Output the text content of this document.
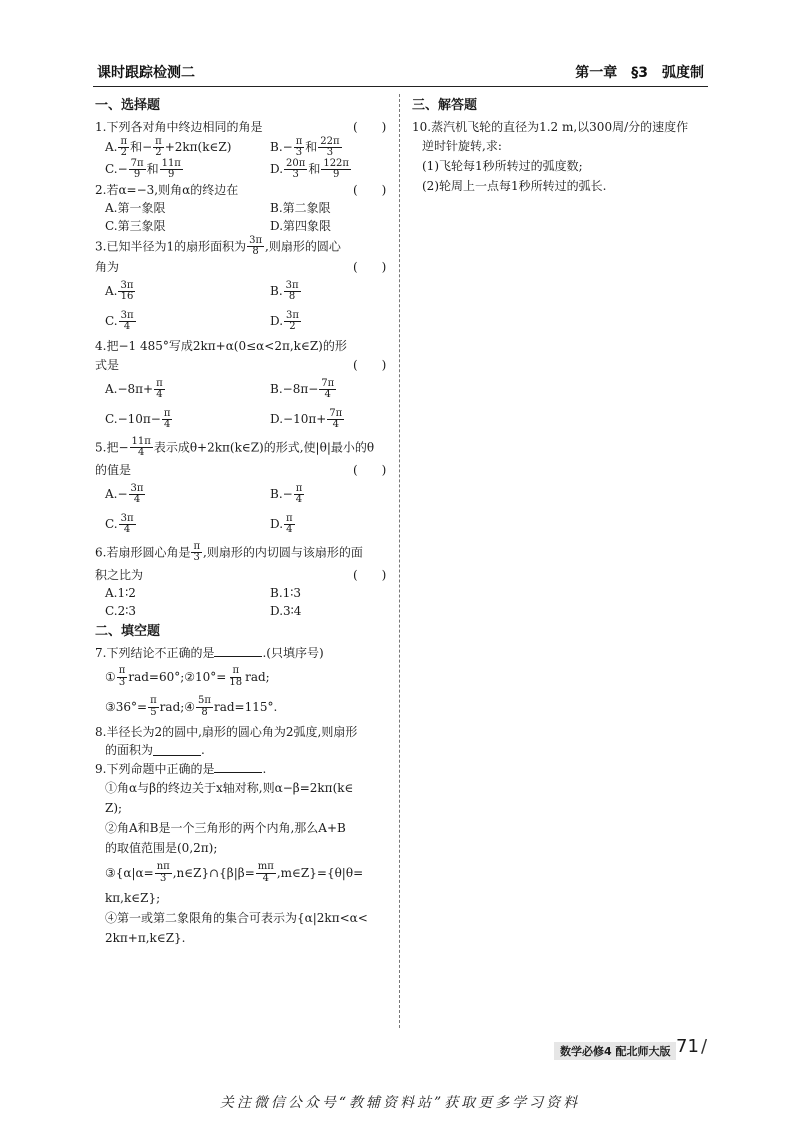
课时跟踪检测二	第一章　§3　弧度制
一、选择题
1.下列各对角中终边相同的角是	(　　)
A. $\frac{\pi}{2}$ 和− $\frac{\pi}{2}$ +2kπ(k∈Z)	$B.- \frac{\pi}{3}$ 和 $\frac{22\pi}{3}$
$C.- \frac{7\pi}{9}$ 和 $\frac{11\pi}{9}$	D. $\frac{20\pi}{3}$ 和 $\frac{122\pi}{9}$
2.若α=−3,则角α的终边在	(　　)
A.第一象限	B.第二象限
C.第三象限	D.第四象限
3.已知半径为1的扇形面积为 $\frac{3\pi}{8}$ ,则扇形的圆心
角为	(　　)
A. $\frac{3\pi}{16}$	B. $\frac{3\pi}{8}$
C. $\frac{3\pi}{4}$	D. $\frac{3\pi}{2}$
4.把−1 485°写成2kπ+α(0≤α<2π,k∈Z)的形
式是	(　　)
$A.-8\pi+ \frac{\pi}{4}$	$B.-8\pi- \frac{7\pi}{4}$
$C.-10\pi- \frac{\pi}{4}$	$D.-10\pi+ \frac{7\pi}{4}$
5.把− $\frac{11\pi}{4}$ 表示成θ+2kπ(k∈Z)的形式,使|θ|最小的θ
的值是	(　　)
$A.- \frac{3\pi}{4}$	$B.- \frac{\pi}{4}$
C. $\frac{3\pi}{4}$	D. $\frac{\pi}{4}$
6.若扇形圆心角是 $\frac{\pi}{3}$ ,则扇形的内切圆与该扇形的面
积之比为	(　　)
A.1∶2	B.1∶3
C.2∶3	D.3∶4
二、填空题
7.下列结论不正确的是	.(只填序号)
① $\frac{\pi}{3}$ rad=60°;②10°= $\frac{\pi}{18}$ rad;
③36°= $\frac{\pi}{5}$ rad;④ $\frac{5\pi}{8} rad=115^\circ$.
8.半径长为2的圆中,扇形的圆心角为2弧度,则扇形
的面积为	.
9.下列命题中正确的是	.
①角α与β的终边关于x轴对称,则α−β=2kπ(k∈
Z);
②角A和B是一个三角形的两个内角,那么A+B
的取值范围是(0,2π);
③{α|α= $\frac{n\pi}{3}$ ,n∈Z}∩{β|β= $\frac{m\pi}{4}$ ,m∈Z}={θ|θ=
kπ,k∈Z};
④第一或第二象限角的集合可表示为{α|2kπ<α<
2kπ+π,k∈Z}.
三、解答题
10.蒸汽机飞轮的直径为1.2 m,以300周/分的速度作
逆时针旋转,求:
(1)飞轮每1秒所转过的弧度数;
(2)轮周上一点每1秒所转过的弧长.
数学必修4 配北师大版 71 /
关注微信公众号“教辅资料站”获取更多学习资料
